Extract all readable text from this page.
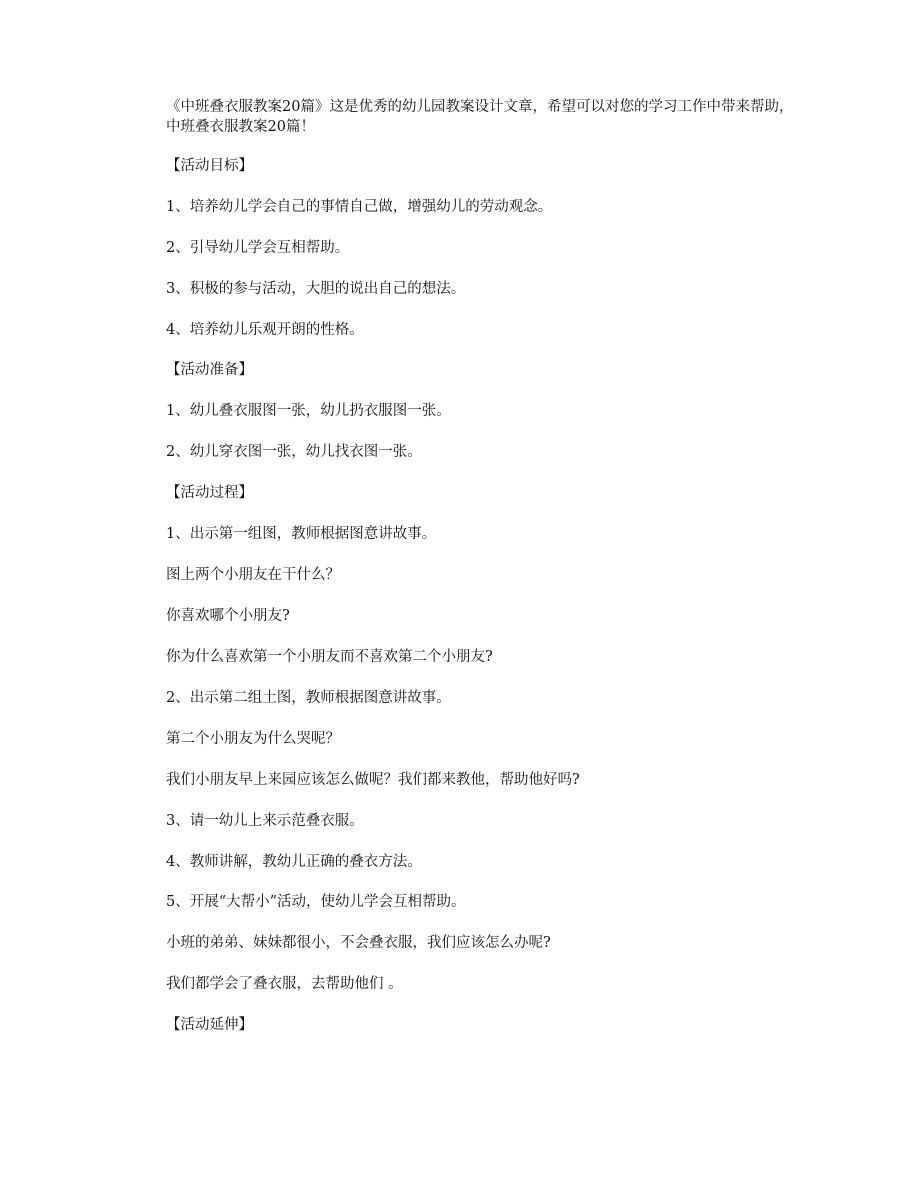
《中班叠衣服教案20篇》这是优秀的幼儿园教案设计文章，希望可以对您的学习工作中带来帮助， 中班叠衣服教案20篇！
【活动目标】
1、培养幼儿学会自己的事情自己做，增强幼儿的劳动观念。
2、引导幼儿学会互相帮助。
3、积极的参与活动，大胆的说出自己的想法。
4、培养幼儿乐观开朗的性格。
【活动准备】
1、幼儿叠衣服图一张，幼儿扔衣服图一张。
2、幼儿穿衣图一张，幼儿找衣图一张。
【活动过程】
1、出示第一组图，教师根据图意讲故事。
图上两个小朋友在干什么？
你喜欢哪个小朋友?
你为什么喜欢第一个小朋友而不喜欢第二个小朋友?
2、出示第二组土图，教师根据图意讲故事。
第二个小朋友为什么哭呢？
我们小朋友早上来园应该怎么做呢？我们都来教他，帮助他好吗?
3、请一幼儿上来示范叠衣服。
4、教师讲解，教幼儿正确的叠衣方法。
5、开展“大帮小”活动，使幼儿学会互相帮助。
小班的弟弟、妹妹都很小，不会叠衣服，我们应该怎么办呢?
我们都学会了叠衣服，去帮助他们 。
【活动延伸】
